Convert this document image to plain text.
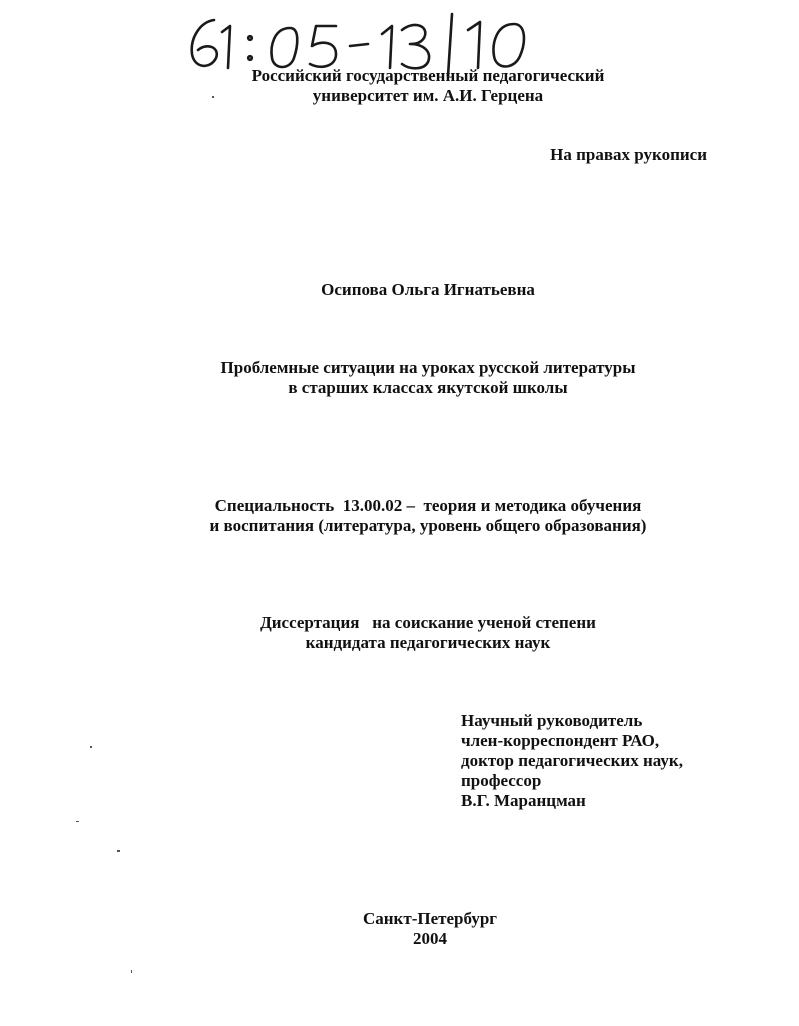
Российский государственный педагогический
университет им. А.И. Герцена
На правах рукописи
Осипова Ольга Игнатьевна
Проблемные ситуации на уроках русской литературы
в старших классах якутской школы
Специальность  13.00.02 –  теория и методика обучения
и воспитания (литература, уровень общего образования)
Диссертация   на соискание ученой степени
кандидата педагогических наук
Научный руководитель
член-корреспондент РАО,
доктор педагогических наук,
профессор
В.Г. Маранцман
Санкт-Петербург
2004
